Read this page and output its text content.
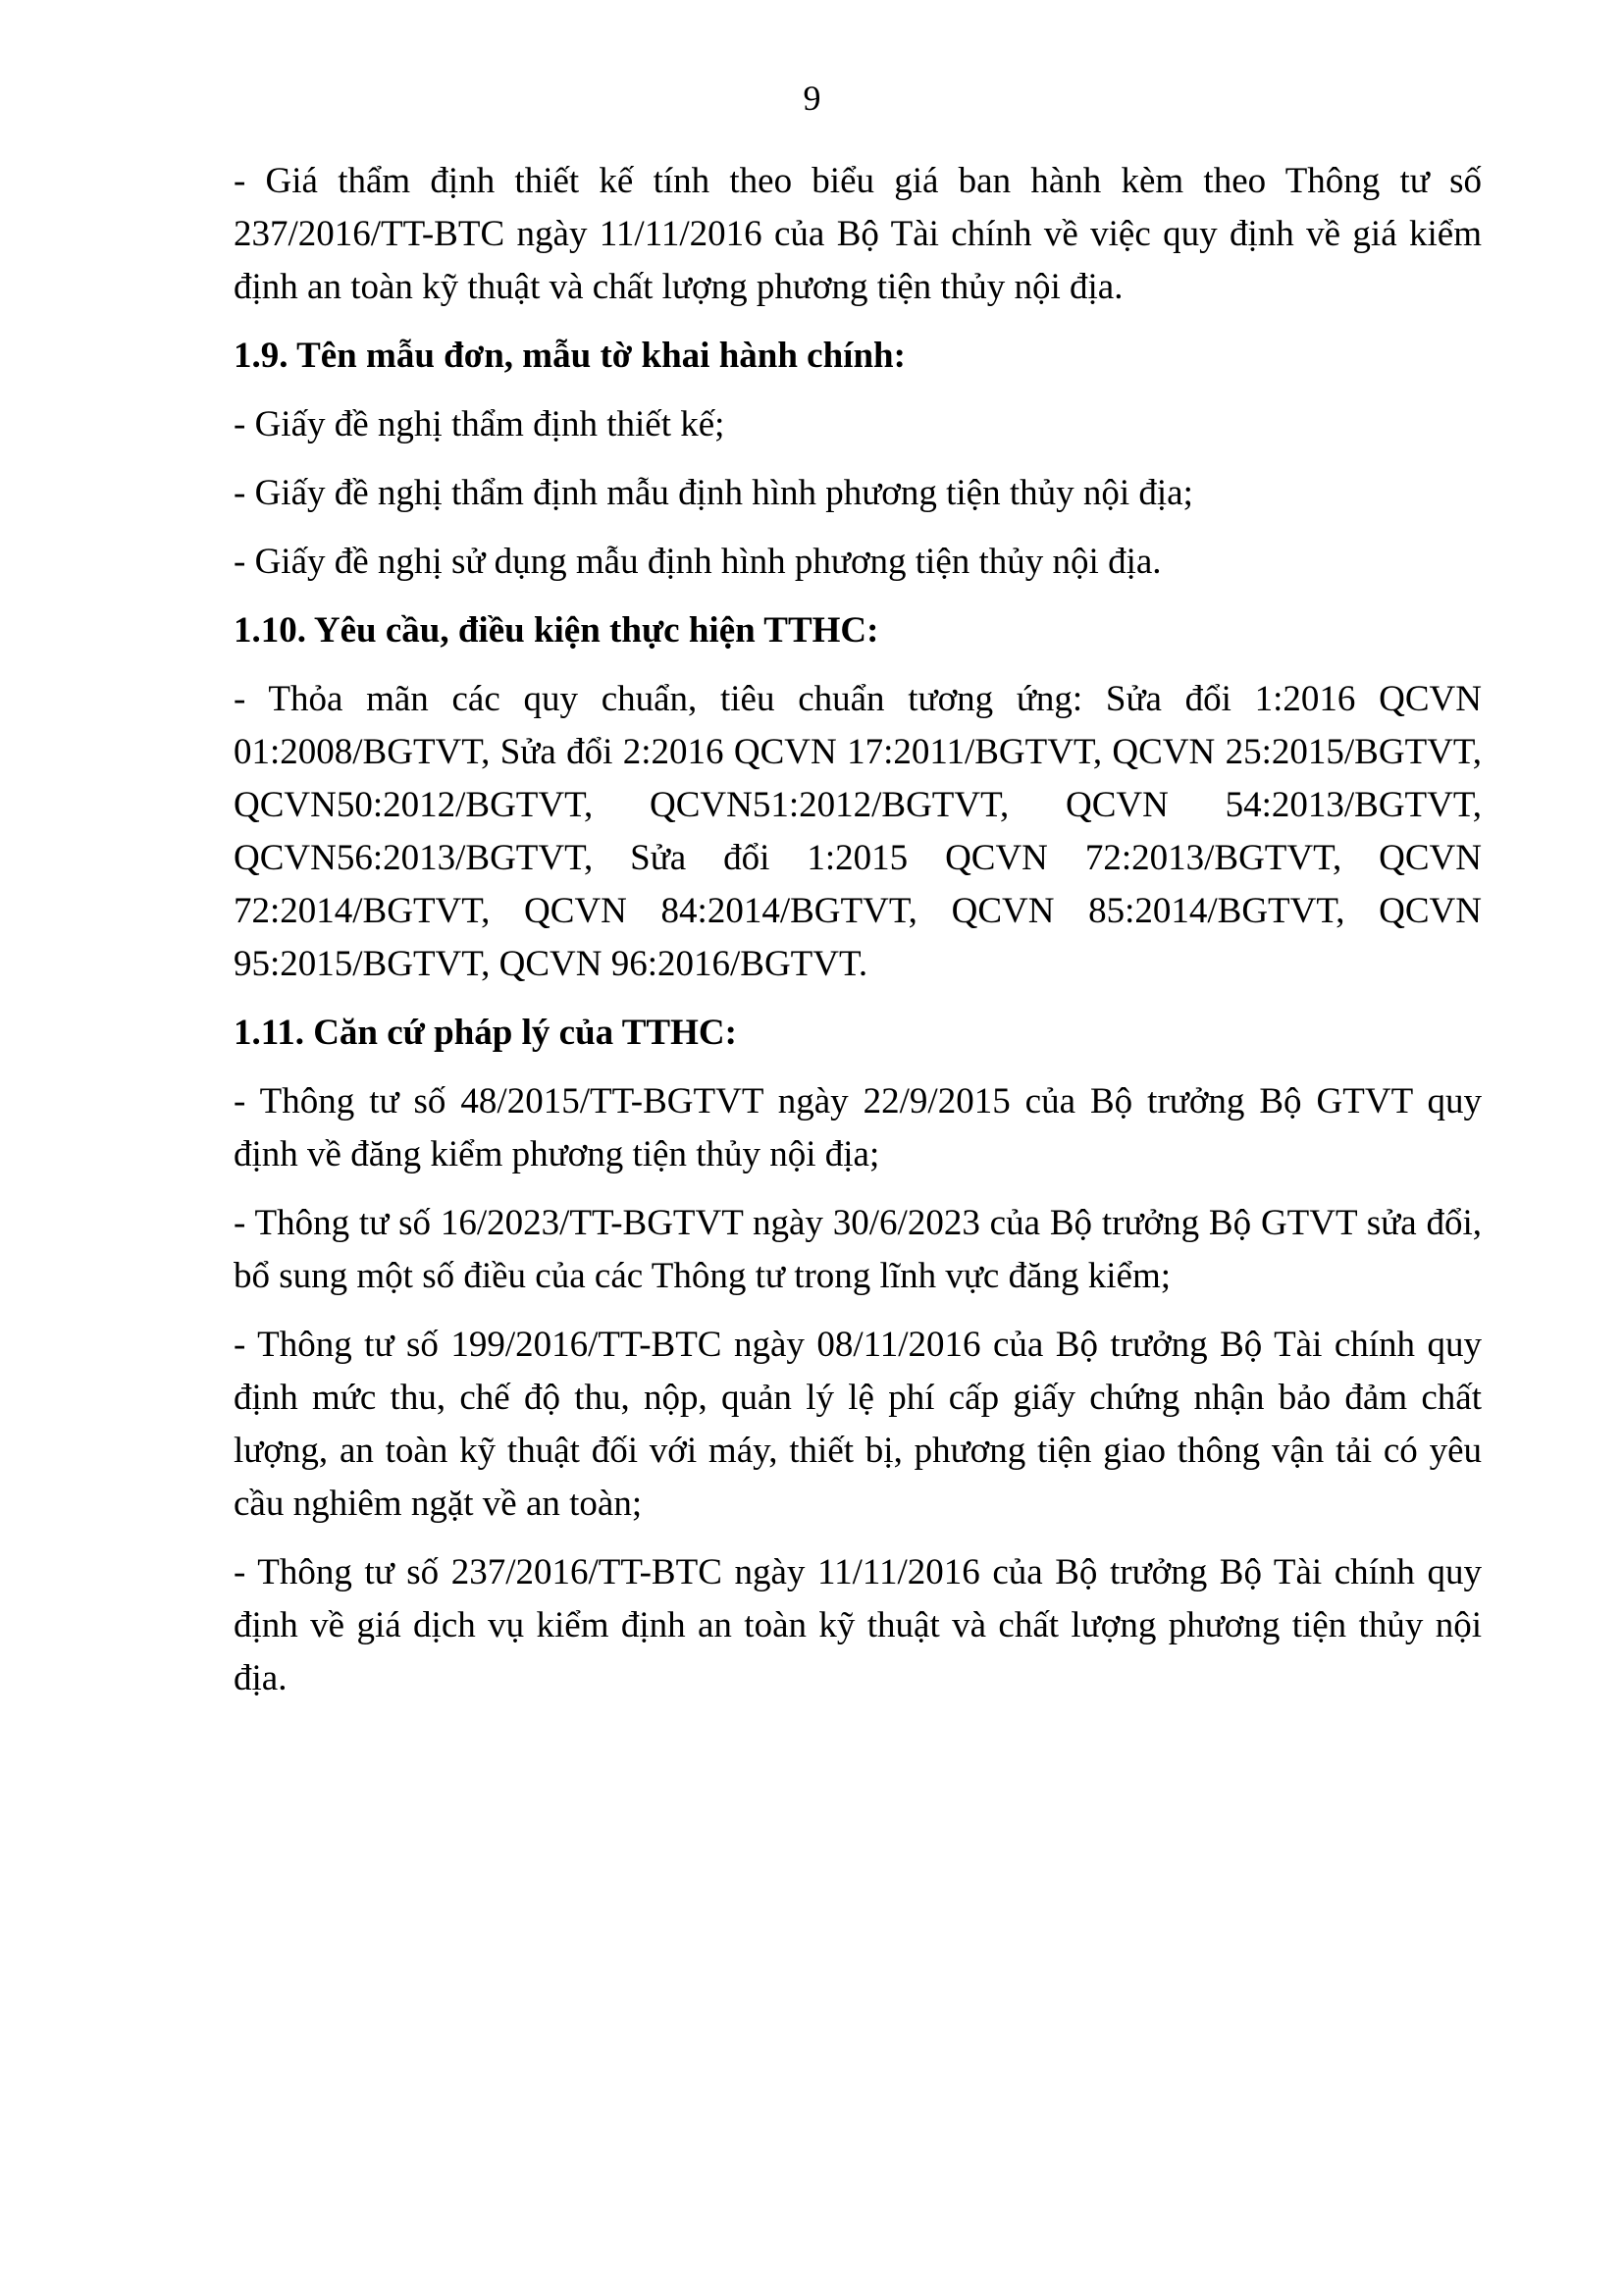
9

- Giá thẩm định thiết kế tính theo biểu giá ban hành kèm theo Thông tư số 237/2016/TT-BTC ngày 11/11/2016 của Bộ Tài chính về việc quy định về giá kiểm định an toàn kỹ thuật và chất lượng phương tiện thủy nội địa.

1.9. Tên mẫu đơn, mẫu tờ khai hành chính:

- Giấy đề nghị thẩm định thiết kế;

- Giấy đề nghị thẩm định mẫu định hình phương tiện thủy nội địa;

- Giấy đề nghị sử dụng mẫu định hình phương tiện thủy nội địa.

1.10. Yêu cầu, điều kiện thực hiện TTHC:

- Thỏa mãn các quy chuẩn, tiêu chuẩn tương ứng: Sửa đổi 1:2016 QCVN 01:2008/BGTVT, Sửa đổi 2:2016 QCVN 17:2011/BGTVT, QCVN 25:2015/BGTVT, QCVN50:2012/BGTVT, QCVN51:2012/BGTVT, QCVN 54:2013/BGTVT, QCVN56:2013/BGTVT, Sửa đổi 1:2015 QCVN 72:2013/BGTVT, QCVN 72:2014/BGTVT, QCVN 84:2014/BGTVT, QCVN 85:2014/BGTVT, QCVN 95:2015/BGTVT, QCVN 96:2016/BGTVT.

1.11. Căn cứ pháp lý của TTHC:

- Thông tư số 48/2015/TT-BGTVT ngày 22/9/2015 của Bộ trưởng Bộ GTVT quy định về đăng kiểm phương tiện thủy nội địa;

- Thông tư số 16/2023/TT-BGTVT ngày 30/6/2023 của Bộ trưởng Bộ GTVT sửa đổi, bổ sung một số điều của các Thông tư trong lĩnh vực đăng kiểm;

- Thông tư số 199/2016/TT-BTC ngày 08/11/2016 của Bộ trưởng Bộ Tài chính quy định mức thu, chế độ thu, nộp, quản lý lệ phí cấp giấy chứng nhận bảo đảm chất lượng, an toàn kỹ thuật đối với máy, thiết bị, phương tiện giao thông vận tải có yêu cầu nghiêm ngặt về an toàn;

- Thông tư số 237/2016/TT-BTC ngày 11/11/2016 của Bộ trưởng Bộ Tài chính quy định về giá dịch vụ kiểm định an toàn kỹ thuật và chất lượng phương tiện thủy nội địa.
